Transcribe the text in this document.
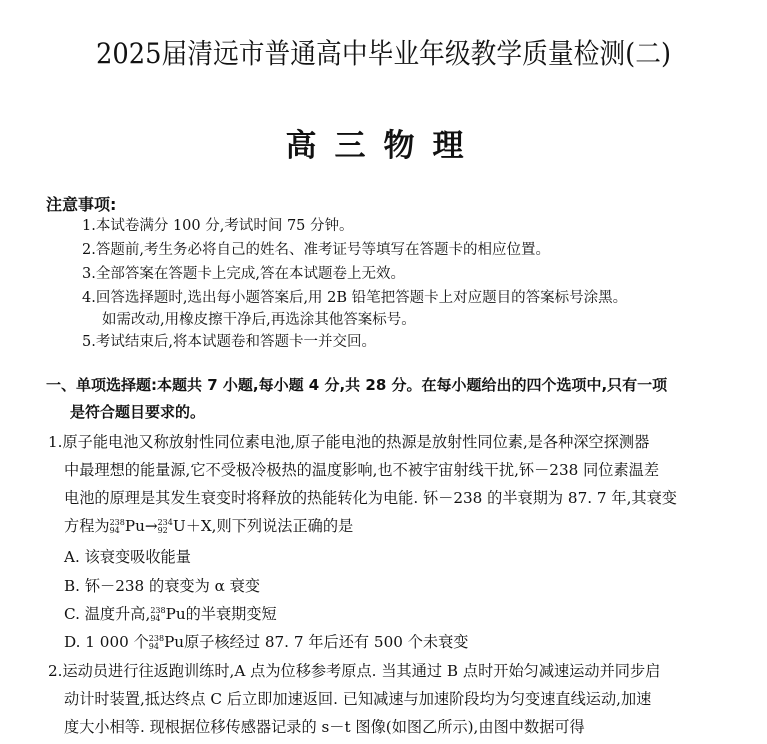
2025届清远市普通高中毕业年级教学质量检测(二)
高三物理
注意事项:
1.本试卷满分 100 分,考试时间 75 分钟。
2.答题前,考生务必将自己的姓名、准考证号等填写在答题卡的相应位置。
3.全部答案在答题卡上完成,答在本试题卷上无效。
4.回答选择题时,选出每小题答案后,用 2B 铅笔把答题卡上对应题目的答案标号涂黑。
如需改动,用橡皮擦干净后,再选涂其他答案标号。
5.考试结束后,将本试题卷和答题卡一并交回。
一、单项选择题:本题共 7 小题,每小题 4 分,共 28 分。在每小题给出的四个选项中,只有一项
是符合题目要求的。
1.原子能电池又称放射性同位素电池,原子能电池的热源是放射性同位素,是各种深空探测器
中最理想的能量源,它不受极冷极热的温度影响,也不被宇宙射线干扰,钚－238 同位素温差
电池的原理是其发生衰变时将释放的热能转化为电能. 钚－238 的半衰期为 87. 7 年,其衰变
方程为 238
94 Pu→ 234
92 U＋X,则下列说法正确的是
A. 该衰变吸收能量
B. 钚－238 的衰变为 α 衰变
C. 温度升高, 238
94 Pu的半衰期变短
D. 1 000 个 238
94 Pu原子核经过 87. 7 年后还有 500 个未衰变
2.运动员进行往返跑训练时,A 点为位移参考原点. 当其通过 B 点时开始匀减速运动并同步启
动计时装置,抵达终点 C 后立即加速返回. 已知减速与加速阶段均为匀变速直线运动,加速
度大小相等. 现根据位移传感器记录的 s－t 图像(如图乙所示),由图中数据可得
